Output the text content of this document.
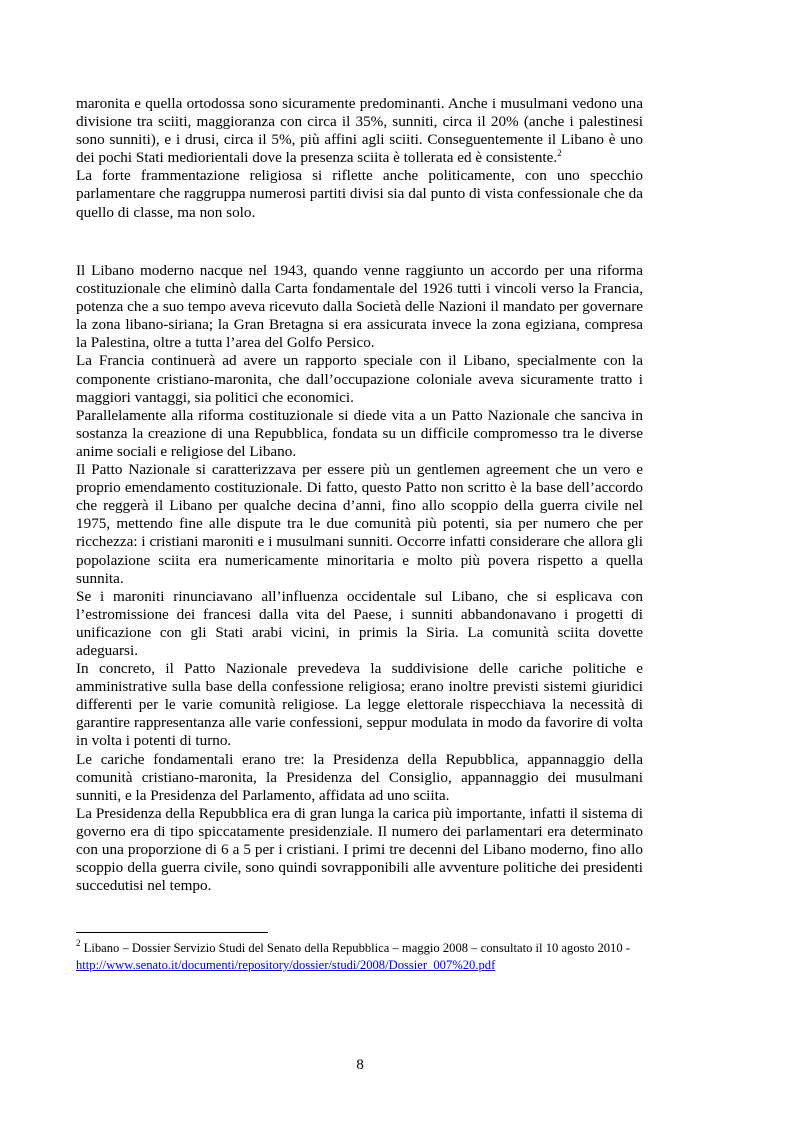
maronita e quella ortodossa sono sicuramente predominanti. Anche i musulmani vedono una divisione tra sciiti, maggioranza con circa il 35%, sunniti, circa il 20% (anche i palestinesi sono sunniti), e i drusi, circa il 5%, più affini agli sciiti. Conseguentemente il Libano è uno dei pochi Stati mediorientali dove la presenza sciita è tollerata ed è consistente.$^2$

La forte frammentazione religiosa si riflette anche politicamente, con uno specchio parlamentare che raggruppa numerosi partiti divisi sia dal punto di vista confessionale che da quello di classe, ma non solo.

Il Libano moderno nacque nel 1943, quando venne raggiunto un accordo per una riforma costituzionale che eliminò dalla Carta fondamentale del 1926 tutti i vincoli verso la Francia, potenza che a suo tempo aveva ricevuto dalla Società delle Nazioni il mandato per governare la zona libano-siriana; la Gran Bretagna si era assicurata invece la zona egiziana, compresa la Palestina, oltre a tutta l’area del Golfo Persico.

La Francia continuerà ad avere un rapporto speciale con il Libano, specialmente con la componente cristiano-maronita, che dall’occupazione coloniale aveva sicuramente tratto i maggiori vantaggi, sia politici che economici.

Parallelamente alla riforma costituzionale si diede vita a un Patto Nazionale che sanciva in sostanza la creazione di una Repubblica, fondata su un difficile compromesso tra le diverse anime sociali e religiose del Libano.

Il Patto Nazionale si caratterizzava per essere più un gentlemen agreement che un vero e proprio emendamento costituzionale. Di fatto, questo Patto non scritto è la base dell’accordo che reggerà il Libano per qualche decina d’anni, fino allo scoppio della guerra civile nel 1975, mettendo fine alle dispute tra le due comunità più potenti, sia per numero che per ricchezza: i cristiani maroniti e i musulmani sunniti. Occorre infatti considerare che allora gli popolazione sciita era numericamente minoritaria e molto più povera rispetto a quella sunnita.

Se i maroniti rinunciavano all’influenza occidentale sul Libano, che si esplicava con l’estromissione dei francesi dalla vita del Paese, i sunniti abbandonavano i progetti di unificazione con gli Stati arabi vicini, in primis la Siria. La comunità sciita dovette adeguarsi.

In concreto, il Patto Nazionale prevedeva la suddivisione delle cariche politiche e amministrative sulla base della confessione religiosa; erano inoltre previsti sistemi giuridici differenti per le varie comunità religiose. La legge elettorale rispecchiava la necessità di garantire rappresentanza alle varie confessioni, seppur modulata in modo da favorire di volta in volta i potenti di turno.

Le cariche fondamentali erano tre: la Presidenza della Repubblica, appannaggio della comunità cristiano-maronita, la Presidenza del Consiglio, appannaggio dei musulmani sunniti, e la Presidenza del Parlamento, affidata ad uno sciita.

La Presidenza della Repubblica era di gran lunga la carica più importante, infatti il sistema di governo era di tipo spiccatamente presidenziale. Il numero dei parlamentari era determinato con una proporzione di 6 a 5 per i cristiani. I primi tre decenni del Libano moderno, fino allo scoppio della guerra civile, sono quindi sovrapponibili alle avventure politiche dei presidenti succedutisi nel tempo.

$^2$ Libano – Dossier Servizio Studi del Senato della Repubblica – maggio 2008 – consultato il 10 agosto 2010 - http://www.senato.it/documenti/repository/dossier/studi/2008/Dossier_007%20.pdf
8
